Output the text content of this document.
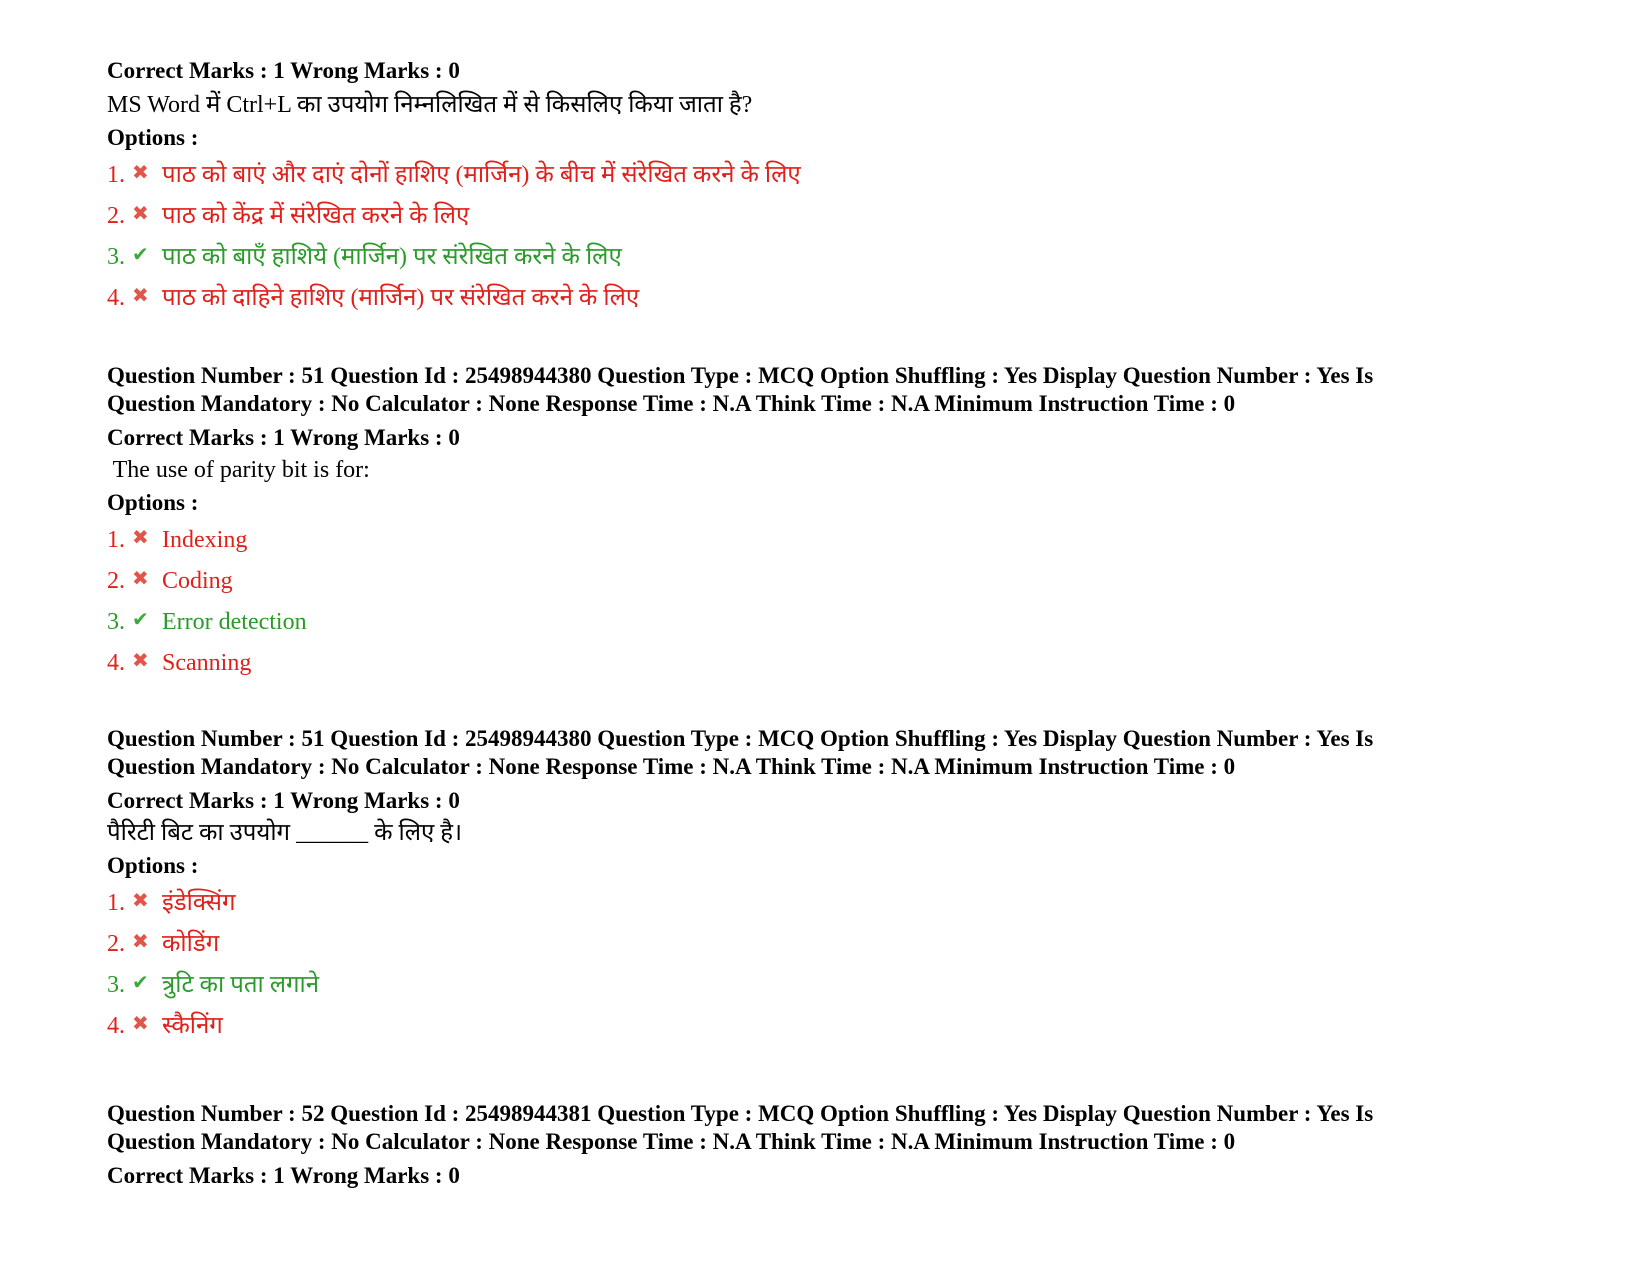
Correct Marks : 1 Wrong Marks : 0
MS Word में Ctrl+L का उपयोग निम्नलिखित में से किसलिए किया जाता है?
Options :
1. ✖ पाठ को बाएं और दाएं दोनों हाशिए (मार्जिन) के बीच में संरेखित करने के लिए
2. ✖ पाठ को केंद्र में संरेखित करने के लिए
3. ✔ पाठ को बाएँ हाशिये (मार्जिन) पर संरेखित करने के लिए
4. ✖ पाठ को दाहिने हाशिए (मार्जिन) पर संरेखित करने के लिए
Question Number : 51 Question Id : 25498944380 Question Type : MCQ Option Shuffling : Yes Display Question Number : Yes Is
Question Mandatory : No Calculator : None Response Time : N.A Think Time : N.A Minimum Instruction Time : 0
Correct Marks : 1 Wrong Marks : 0
The use of parity bit is for:
Options :
1. ✖ Indexing
2. ✖ Coding
3. ✔ Error detection
4. ✖ Scanning
Question Number : 51 Question Id : 25498944380 Question Type : MCQ Option Shuffling : Yes Display Question Number : Yes Is
Question Mandatory : No Calculator : None Response Time : N.A Think Time : N.A Minimum Instruction Time : 0
Correct Marks : 1 Wrong Marks : 0
पैरिटी बिट का उपयोग ______ के लिए है।
Options :
1. ✖ इंडेक्सिंग
2. ✖ कोडिंग
3. ✔ त्रुटि का पता लगाने
4. ✖ स्कैनिंग
Question Number : 52 Question Id : 25498944381 Question Type : MCQ Option Shuffling : Yes Display Question Number : Yes Is
Question Mandatory : No Calculator : None Response Time : N.A Think Time : N.A Minimum Instruction Time : 0
Correct Marks : 1 Wrong Marks : 0
